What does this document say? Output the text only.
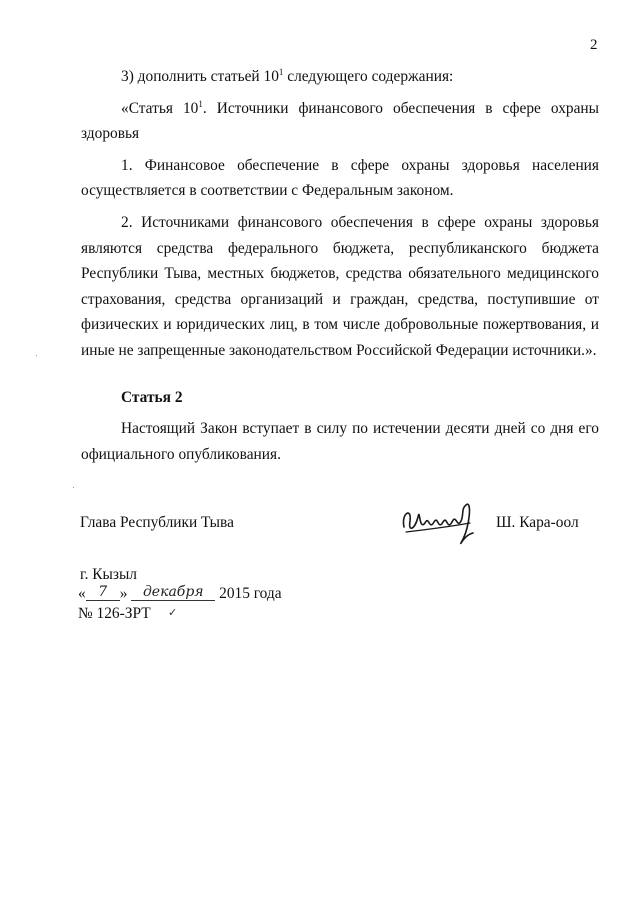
2

3) дополнить статьей $10^1$ следующего содержания:

«Статья $10^1$. Источники финансового обеспечения в сфере охраны здоровья

1. Финансовое обеспечение в сфере охраны здоровья населения осуществляется в соответствии с Федеральным законом.

2. Источниками финансового обеспечения в сфере охраны здоровья являются средства федерального бюджета, республиканского бюджета Республики Тыва, местных бюджетов, средства обязательного медицинского страхования, средства организаций и граждан, средства, поступившие от физических и юридических лиц, в том числе добровольные пожертвования, и иные не запрещенные законодательством Российской Федерации источники.».

Статья 2

Настоящий Закон вступает в силу по истечении десяти дней со дня его официального опубликования.

Глава Республики Тыва	Ш. Кара-оол
г. Кызыл
« 7 » декабря 2015 года
№ 126-ЗРТ ✓
